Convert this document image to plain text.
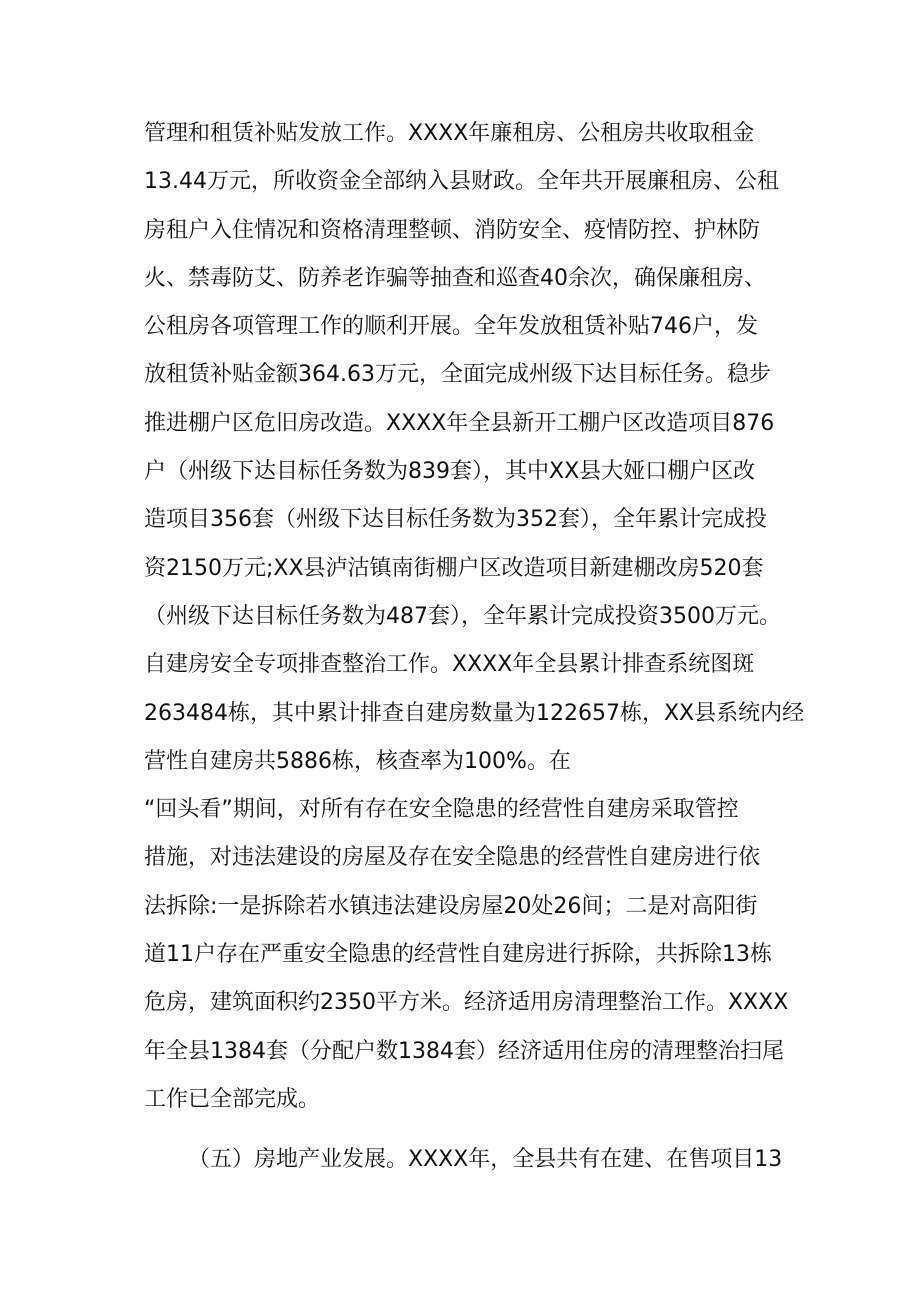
管理和租赁补贴发放工作。XXXX年廉租房、公租房共收取租金
13.44万元，所收资金全部纳入县财政。全年共开展廉租房、公租
房租户入住情况和资格清理整顿、消防安全、疫情防控、护林防
火、禁毒防艾、防养老诈骗等抽查和巡查40余次，确保廉租房、
公租房各项管理工作的顺利开展。全年发放租赁补贴746户，发
放租赁补贴金额364.63万元，全面完成州级下达目标任务。稳步
推进棚户区危旧房改造。XXXX年全县新开工棚户区改造项目876
户（州级下达目标任务数为839套），其中XX县大娅口棚户区改
造项目356套（州级下达目标任务数为352套），全年累计完成投
资2150万元;XX县泸沽镇南街棚户区改造项目新建棚改房520套
（州级下达目标任务数为487套），全年累计完成投资3500万元。
自建房安全专项排查整治工作。XXXX年全县累计排查系统图斑
263484栋，其中累计排查自建房数量为122657栋，XX县系统内经
营性自建房共5886栋，核查率为100%。在
“回头看”期间，对所有存在安全隐患的经营性自建房采取管控
措施，对违法建设的房屋及存在安全隐患的经营性自建房进行依
法拆除:一是拆除若水镇违法建设房屋20处26间；二是对高阳街
道11户存在严重安全隐患的经营性自建房进行拆除，共拆除13栋
危房，建筑面积约2350平方米。经济适用房清理整治工作。XXXX
年全县1384套（分配户数1384套）经济适用住房的清理整治扫尾
工作已全部完成。
（五）房地产业发展。XXXX年，全县共有在建、在售项目13
